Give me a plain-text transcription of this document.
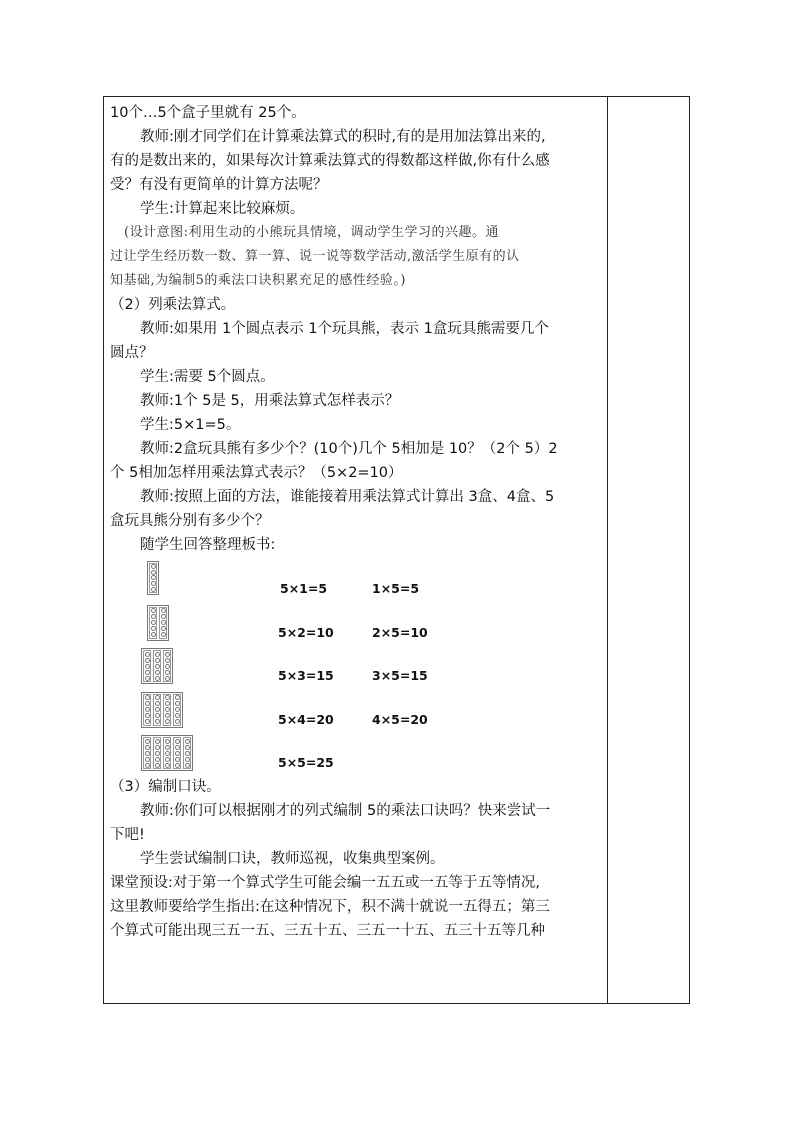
10个…5个盒子里就有 25个。
教师:刚才同学们在计算乘法算式的积时,有的是用加法算出来的,
有的是数出来的，如果每次计算乘法算式的得数都这样做,你有什么感
受？有没有更简单的计算方法呢？
学生:计算起来比较麻烦。
(设计意图:利用生动的小熊玩具情境，调动学生学习的兴趣。通
过让学生经历数一数、算一算、说一说等数学活动,激活学生原有的认
知基础,为编制5的乘法口诀积累充足的感性经验。)
（2）列乘法算式。
教师:如果用 1个圆点表示 1个玩具熊，表示 1盒玩具熊需要几个
圆点？
学生:需要 5个圆点。
教师:1个 5是 5，用乘法算式怎样表示？
学生:5×1=5。
教师:2盒玩具熊有多少个？(10个)几个 5相加是 10？（2个 5）2
个 5相加怎样用乘法算式表示？（5×2=10）
教师:按照上面的方法，谁能接着用乘法算式计算出 3盒、4盒、5
盒玩具熊分别有多少个？
随学生回答整理板书:
5×1=5	1×5=5
5×2=10	2×5=10
5×3=15	3×5=15
5×4=20	4×5=20
5×5=25
（3）编制口诀。
教师:你们可以根据刚才的列式编制 5的乘法口诀吗？快来尝试一
下吧!
学生尝试编制口诀，教师巡视，收集典型案例。
课堂预设:对于第一个算式学生可能会编一五五或一五等于五等情况,
这里教师要给学生指出:在这种情况下，积不满十就说一五得五；第三
个算式可能出现三五一五、三五十五、三五一十五、五三十五等几种
